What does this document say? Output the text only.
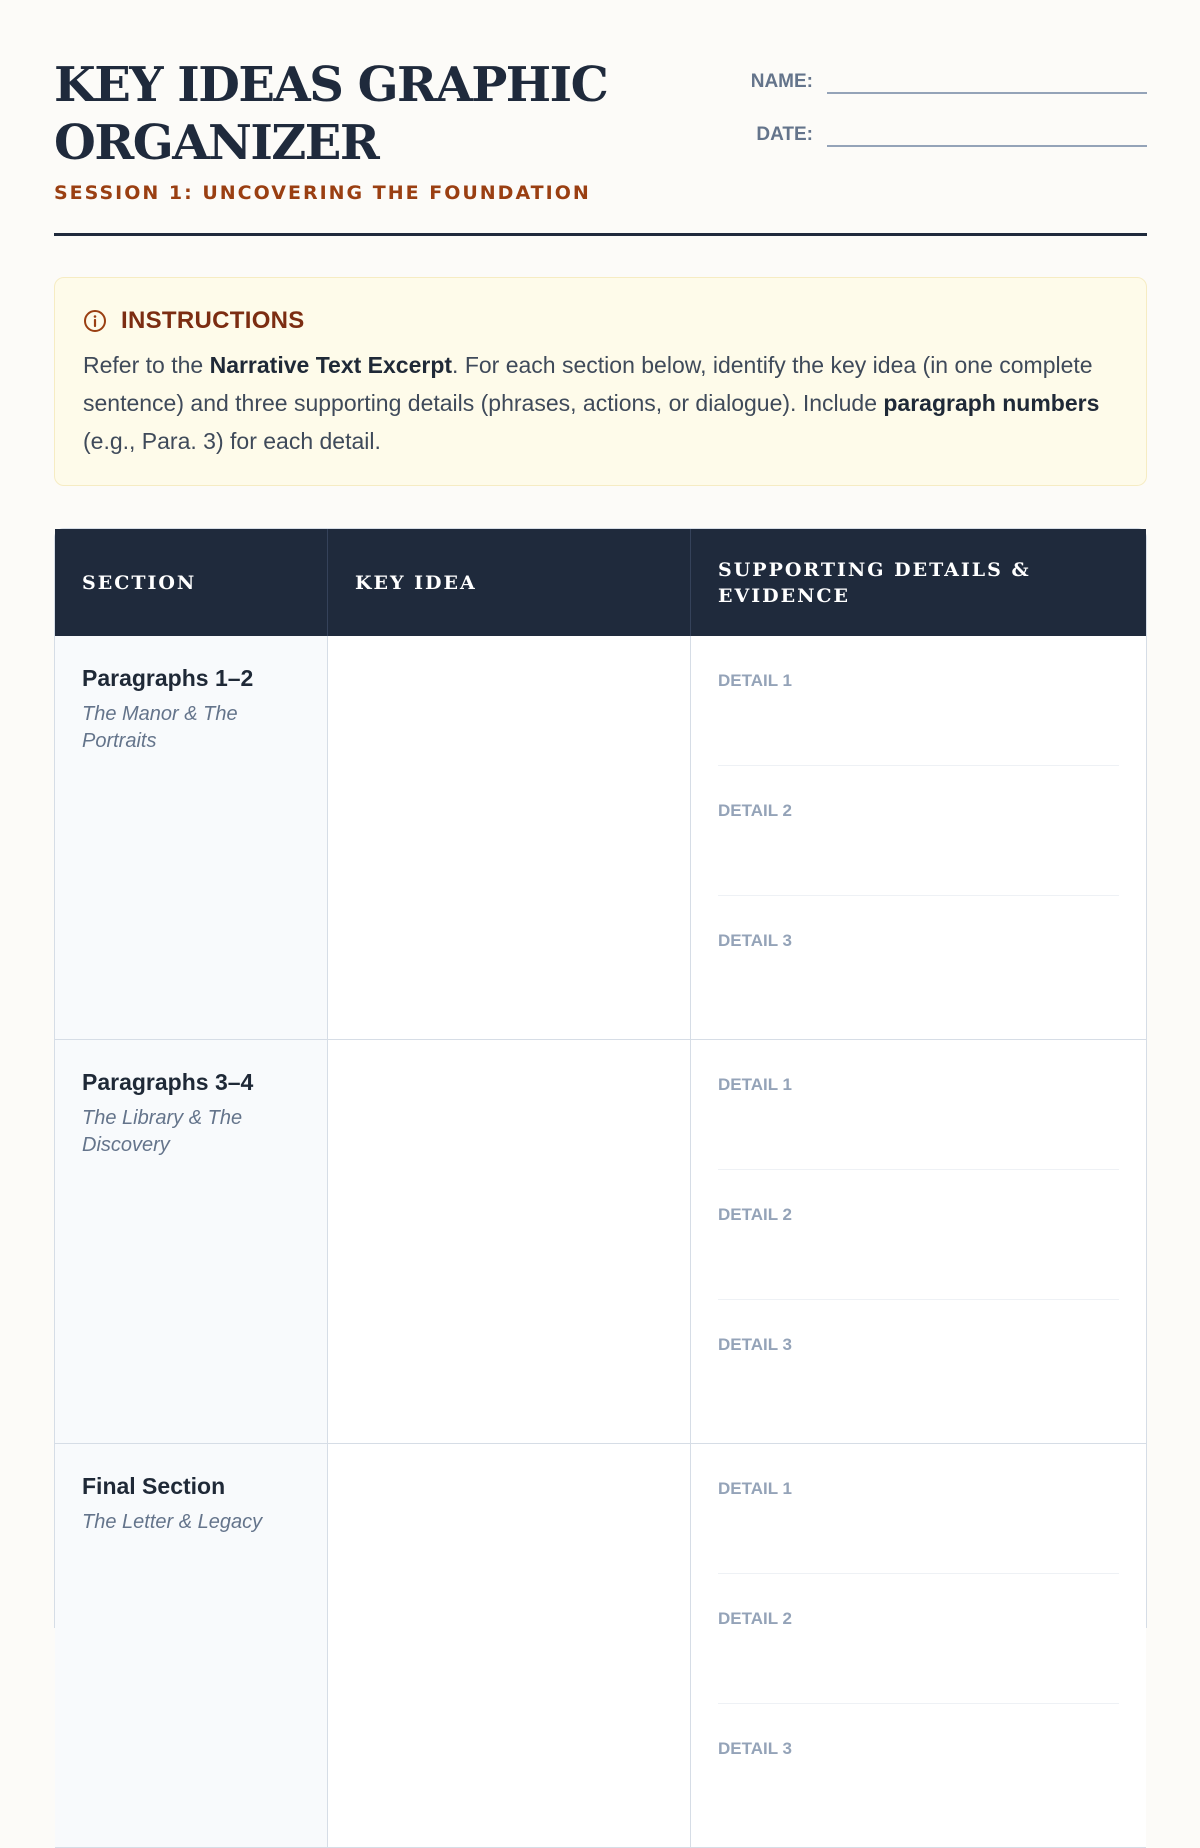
KEY IDEAS GRAPHIC ORGANIZER
SESSION 1: UNCOVERING THE FOUNDATION
NAME:
DATE:
INSTRUCTIONS
Refer to the Narrative Text Excerpt. For each section below, identify the key idea (in one complete sentence) and three supporting details (phrases, actions, or dialogue). Include paragraph numbers (e.g., Para. 3) for each detail.
SECTION	KEY IDEA
SUPPORTING DETAILS & EVIDENCE
Paragraphs 1–2
The Manor & The Portraits
DETAIL 1
DETAIL 2
DETAIL 3
Paragraphs 3–4
The Library & The Discovery
DETAIL 1
DETAIL 2
DETAIL 3
Final Section
The Letter & Legacy
DETAIL 1
DETAIL 2
DETAIL 3
